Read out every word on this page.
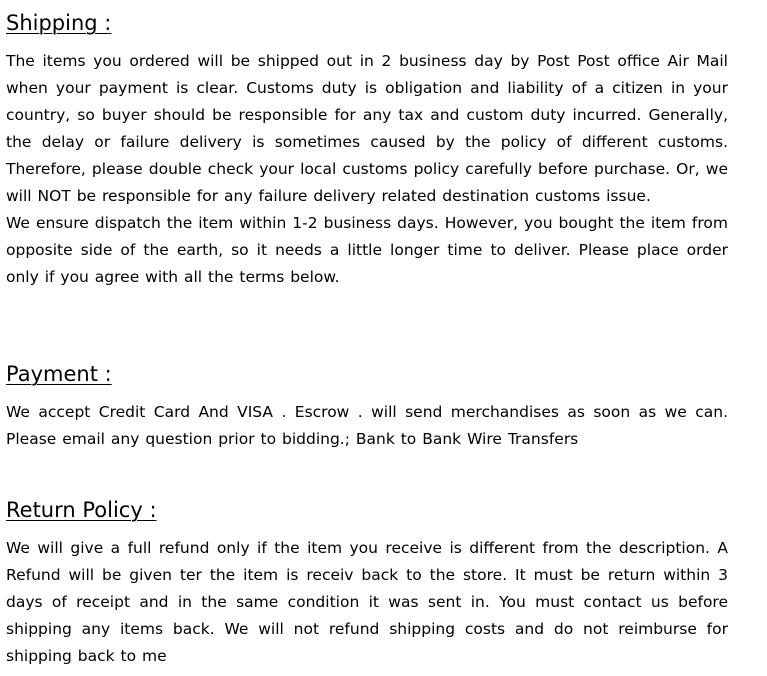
Shipping :

The items you ordered will be shipped out in 2 business day by Post Post office Air Mail when your payment is clear. Customs duty is obligation and liability of a citizen in your country, so buyer should be responsible for any tax and custom duty incurred. Generally, the delay or failure delivery is sometimes caused by the policy of different customs. Therefore, please double check your local customs policy carefully before purchase. Or, we will NOT be responsible for any failure delivery related destination customs issue.

We ensure dispatch the item within 1-2 business days. However, you bought the item from opposite side of the earth, so it needs a little longer time to deliver. Please place order only if you agree with all the terms below.

Payment :

We accept Credit Card And VISA . Escrow . will send merchandises as soon as we can. Please email any question prior to bidding.; Bank to Bank Wire Transfers

Return Policy :

We will give a full refund only if the item you receive is different from the description. A Refund will be given ter the item is receiv back to the store. It must be return within 3 days of receipt and in the same condition it was sent in. You must contact us before shipping any items back. We will not refund shipping costs and do not reimburse for shipping back to me
